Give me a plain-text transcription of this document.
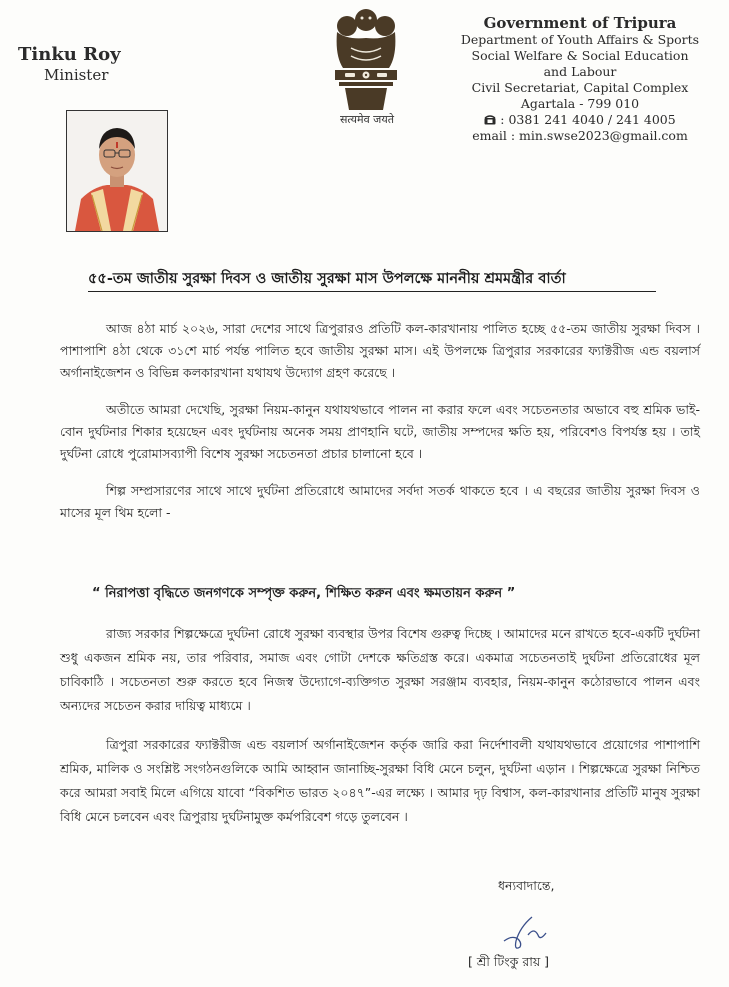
Tinku Roy
Minister
सत्यमेव जयते
Government of Tripura
Department of Youth Affairs & Sports
Social Welfare & Social Education
and Labour
Civil Secretariat, Capital Complex
Agartala - 799 010
: 0381 241 4040 / 241 4005
email : min.swse2023@gmail.com
৫৫-তম জাতীয় সুরক্ষা দিবস ও জাতীয় সুরক্ষা মাস উপলক্ষে মাননীয় শ্রমমন্ত্রীর বার্তা

আজ ৪ঠা মার্চ ২০২৬, সারা দেশের সাথে ত্রিপুরারও প্রতিটি কল-কারখানায় পালিত হচ্ছে ৫৫-তম জাতীয় সুরক্ষা দিবস । পাশাপাশি ৪ঠা থেকে ৩১শে মার্চ পর্যন্ত পালিত হবে জাতীয় সুরক্ষা মাস। এই উপলক্ষে ত্রিপুরার সরকারের ফ্যাক্টরীজ এন্ড বয়লার্স অর্গানাইজেশন ও বিভিন্ন কলকারখানা যথাযথ উদ্যোগ গ্রহণ করেছে ।

অতীতে আমরা দেখেছি, সুরক্ষা নিয়ম-কানুন যথাযথভাবে পালন না করার ফলে এবং সচেতনতার অভাবে বহু শ্রমিক ভাই-বোন দুর্ঘটনার শিকার হয়েছেন এবং দুর্ঘটনায় অনেক সময় প্রাণহানি ঘটে, জাতীয় সম্পদের ক্ষতি হয়, পরিবেশও বিপর্যস্ত হয় । তাই দুর্ঘটনা রোধে পুরোমাসব্যাপী বিশেষ সুরক্ষা সচেতনতা প্রচার চালানো হবে ।

শিল্প সম্প্রসারণের সাথে সাথে দুর্ঘটনা প্রতিরোধে আমাদের সর্বদা সতর্ক থাকতে হবে । এ বছরের জাতীয় সুরক্ষা দিবস ও মাসের মূল থিম হলো -

“ নিরাপত্তা বৃদ্ধিতে জনগণকে সম্পৃক্ত করুন, শিক্ষিত করুন এবং ক্ষমতায়ন করুন ”

রাজ্য সরকার শিল্পক্ষেত্রে দুর্ঘটনা রোধে সুরক্ষা ব্যবস্থার উপর বিশেষ গুরুত্ব দিচ্ছে । আমাদের মনে রাখতে হবে-একটি দুর্ঘটনা শুধু একজন শ্রমিক নয়, তার পরিবার, সমাজ এবং গোটা দেশকে ক্ষতিগ্রস্ত করে। একমাত্র সচেতনতাই দুর্ঘটনা প্রতিরোধের মূল চাবিকাঠি । সচেতনতা শুরু করতে হবে নিজস্ব উদ্যোগে-ব্যক্তিগত সুরক্ষা সরঞ্জাম ব্যবহার, নিয়ম-কানুন কঠোরভাবে পালন এবং অন্যদের সচেতন করার দায়িত্ব মাধ্যমে ।

ত্রিপুরা সরকারের ফ্যাক্টরীজ এন্ড বয়লার্স অর্গানাইজেশন কর্তৃক জারি করা নির্দেশাবলী যথাযথভাবে প্রয়োগের পাশাপাশি শ্রমিক, মালিক ও সংশ্লিষ্ট সংগঠনগুলিকে আমি আহ্বান জানাচ্ছি-সুরক্ষা বিধি মেনে চলুন, দুর্ঘটনা এড়ান । শিল্পক্ষেত্রে সুরক্ষা নিশ্চিত করে আমরা সবাই মিলে এগিয়ে যাবো “বিকশিত ভারত ২০৪৭”-এর লক্ষ্যে । আমার দৃঢ় বিশ্বাস, কল-কারখানার প্রতিটি মানুষ সুরক্ষা বিধি মেনে চলবেন এবং ত্রিপুরায় দুর্ঘটনামুক্ত কর্মপরিবেশ গড়ে তুলবেন ।

ধন্যবাদান্তে,
[ শ্রী টিংকু রায় ]
